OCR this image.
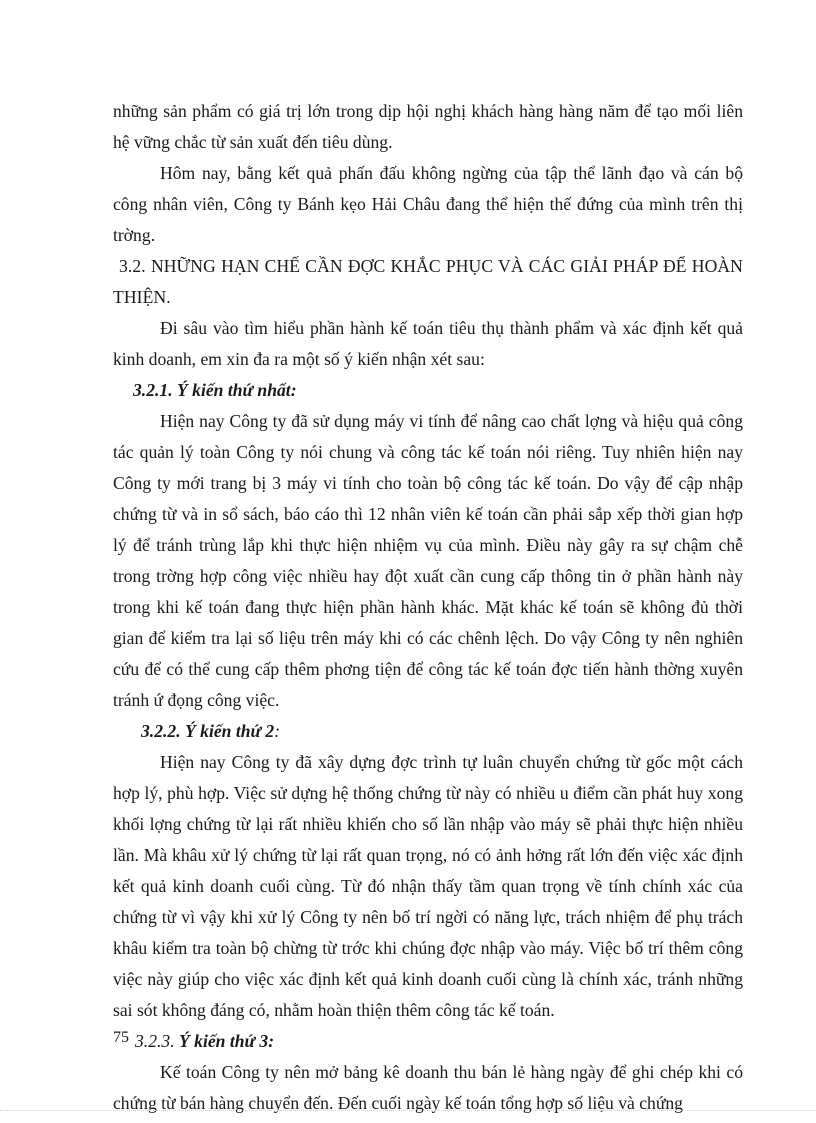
những sản phẩm có giá trị lớn trong dịp hội nghị khách hàng hàng năm để tạo mối liên hệ vững chắc từ sản xuất đến tiêu dùng.

Hôm nay, bằng kết quả phấn đấu không ngừng của tập thể lãnh đạo và cán bộ công nhân viên, Công ty Bánh kẹo Hải Châu đang thể hiện thế đứng của mình trên thị trờng.

3.2. NHỮNG HẠN CHẾ CẦN ĐỢC KHẮC PHỤC VÀ CÁC GIẢI PHÁP ĐỂ HOÀN THIỆN.

Đi sâu vào tìm hiểu phần hành kế toán tiêu thụ thành phẩm và xác định kết quả kinh doanh, em xin đa ra một số ý kiến nhận xét sau:

3.2.1. Ý kiến thứ nhất:

Hiện nay Công ty đã sử dụng máy vi tính để nâng cao chất lợng và hiệu quả công tác quản lý toàn Công ty nói chung và công tác kế toán nói riêng. Tuy nhiên hiện nay Công ty mới trang bị 3 máy vi tính cho toàn bộ công tác kế toán. Do vậy để cập nhập chứng từ và in sổ sách, báo cáo thì 12 nhân viên kế toán cần phải sắp xếp thời gian hợp lý để tránh trùng lắp khi thực hiện nhiệm vụ của mình. Điều này gây ra sự chậm chễ trong trờng hợp công việc nhiều hay đột xuất cần cung cấp thông tin ở phần hành này trong khi kế toán đang thực hiện phần hành khác. Mặt khác kế toán sẽ không đủ thời gian để kiểm tra lại số liệu trên máy khi có các chênh lệch. Do vậy Công ty nên nghiên cứu để có thể cung cấp thêm phơng tiện để công tác kế toán đợc tiến hành thờng xuyên tránh ứ đọng công việc.

3.2.2. Ý kiến thứ 2:

Hiện nay Công ty đã xây dựng đợc trình tự luân chuyển chứng từ gốc một cách hợp lý, phù hợp. Việc sử dựng hệ thống chứng từ này có nhiều u điểm cần phát huy xong khối lợng chứng từ lại rất nhiều khiến cho số lần nhập vào máy sẽ phải thực hiện nhiều lần. Mà khâu xử lý chứng từ lại rất quan trọng, nó có ảnh hởng rất lớn đến việc xác định kết quả kinh doanh cuối cùng. Từ đó nhận thấy tầm quan trọng về tính chính xác của chứng từ vì vậy khi xử lý Công ty nên bố trí ngời có năng lực, trách nhiệm để phụ trách khâu kiểm tra toàn bộ chừng từ trớc khi chúng đợc nhập vào máy. Việc bố trí thêm công việc này giúp cho việc xác định kết quả kinh doanh cuối cùng là chính xác, tránh những sai sót không đáng có, nhằm hoàn thiện thêm công tác kế toán.

3.2.3. Ý kiến thứ 3:

Kế toán Công ty nên mở bảng kê doanh thu bán lẻ hàng ngày để ghi chép khi có chứng từ bán hàng chuyển đến. Đến cuối ngày kế toán tổng hợp số liệu và chứng

75
